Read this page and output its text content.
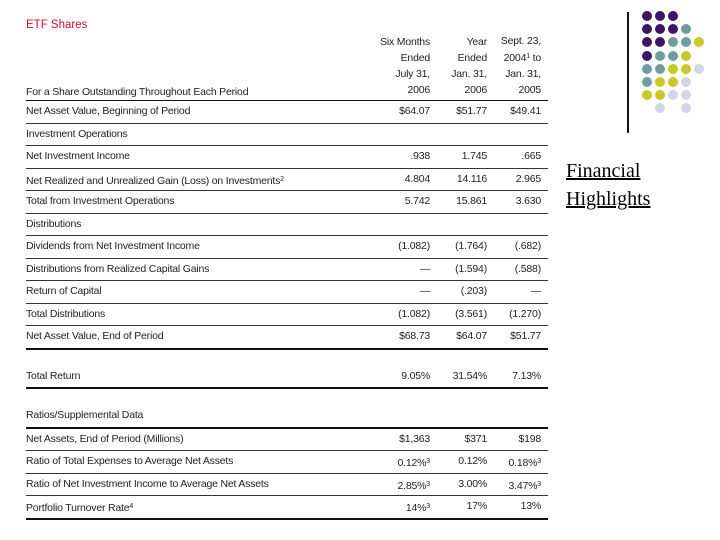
ETF Shares
For a Share Outstanding Throughout Each Period
Six Months
Ended
July 31,
2006
Year
Ended
Jan. 31,
2006
Sept. 23,
2004$^1$ to
Jan. 31,
2005
Net Asset Value, Beginning of Period	$64.07 $51.77 $49.41
Investment Operations
Net Investment Income	.938	1.745	.665
Net Realized and Unrealized Gain (Loss) on Investments$^2$	4.804	14.116	2.965
Total from Investment Operations	5.742 15.861	3.630
Distributions
Dividends from Net Investment Income	(1.082) (1.764)	(.682)
Distributions from Realized Capital Gains	— (1.594)	(.588)
Return of Capital	—	(.203)	—
Total Distributions	(1.082) (3.561) (1.270)
Net Asset Value, End of Period	$68.73 $64.07 $51.77
Total Return	9.05% 31.54% 7.13%
Ratios/Supplemental Data
Net Assets, End of Period (Millions)	$1,363	$371	$198
Ratio of Total Expenses to Average Net Assets	0.12%$^3$	0.12% 0.18%$^3$
Ratio of Net Investment Income to Average Net Assets	2.85%$^3$	3.00% 3.47%$^3$
Portfolio Turnover Rate$^4$	14%$^3$	17%	13%
Financial
Highlights
